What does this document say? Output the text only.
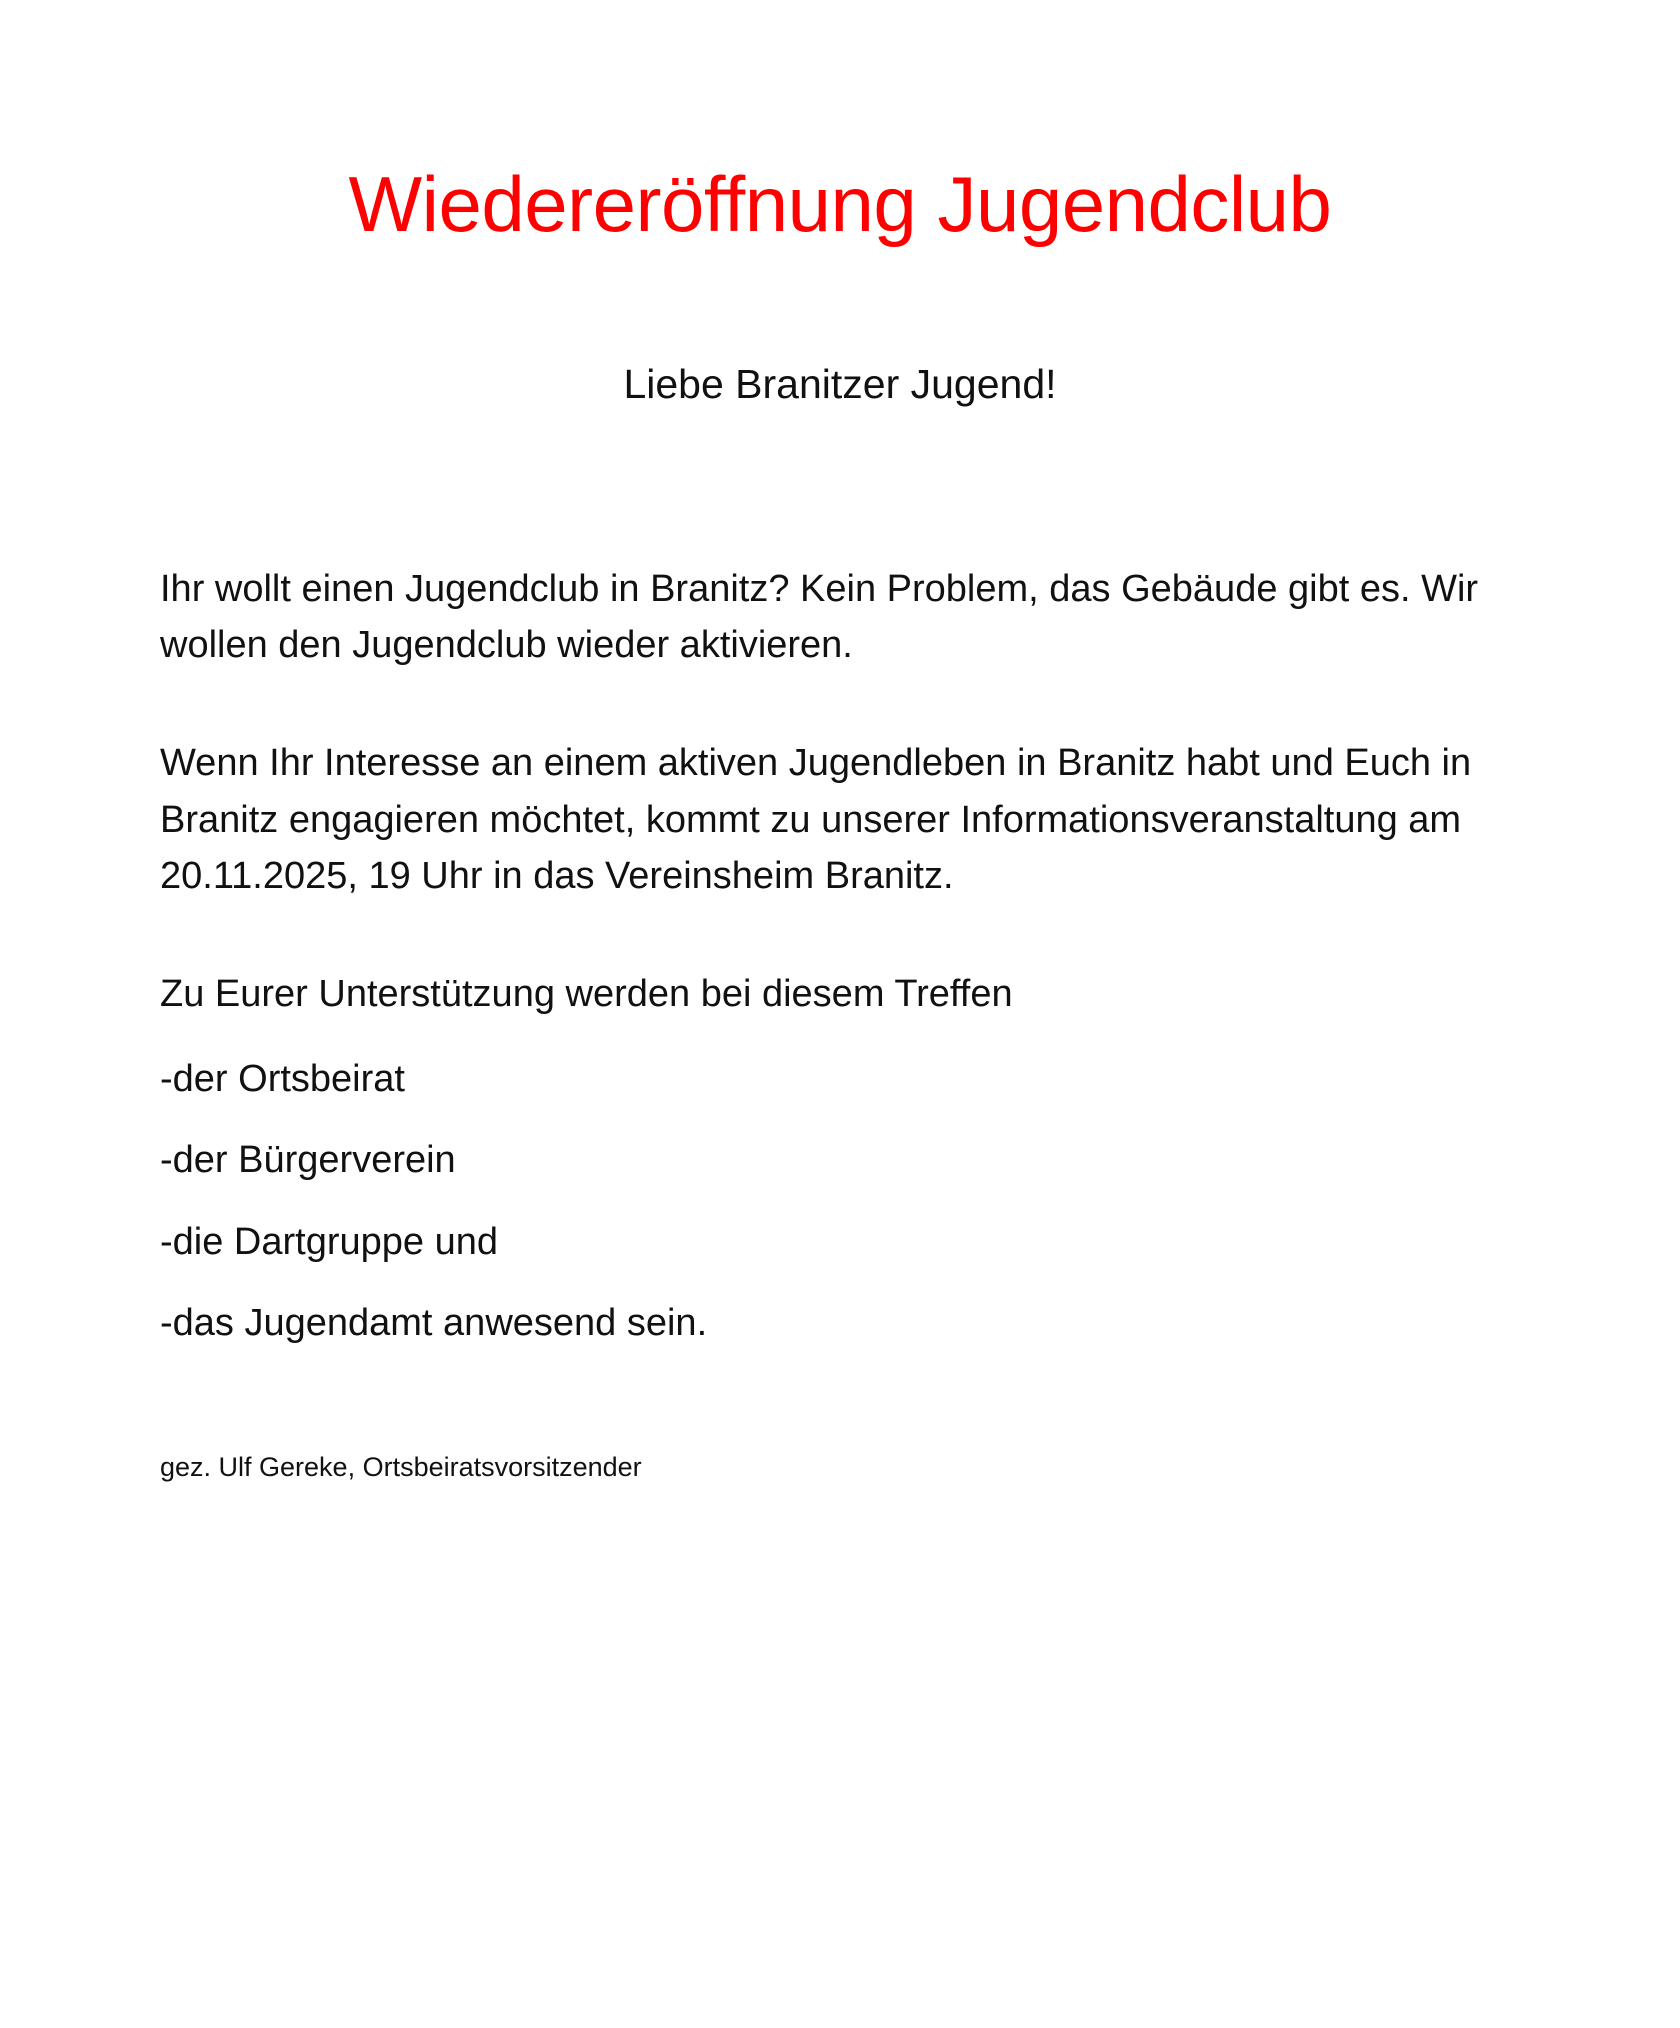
Wiedereröffnung Jugendclub

Liebe Branitzer Jugend!

Ihr wollt einen Jugendclub in Branitz? Kein Problem, das Gebäude gibt es. Wir wollen den Jugendclub wieder aktivieren.

Wenn Ihr Interesse an einem aktiven Jugendleben in Branitz habt und Euch in Branitz engagieren möchtet, kommt zu unserer Informationsveranstaltung am 20.11.2025, 19 Uhr in das Vereinsheim Branitz.

Zu Eurer Unterstützung werden bei diesem Treffen

-der Ortsbeirat
-der Bürgerverein
-die Dartgruppe und
-das Jugendamt anwesend sein.

gez. Ulf Gereke, Ortsbeiratsvorsitzender
